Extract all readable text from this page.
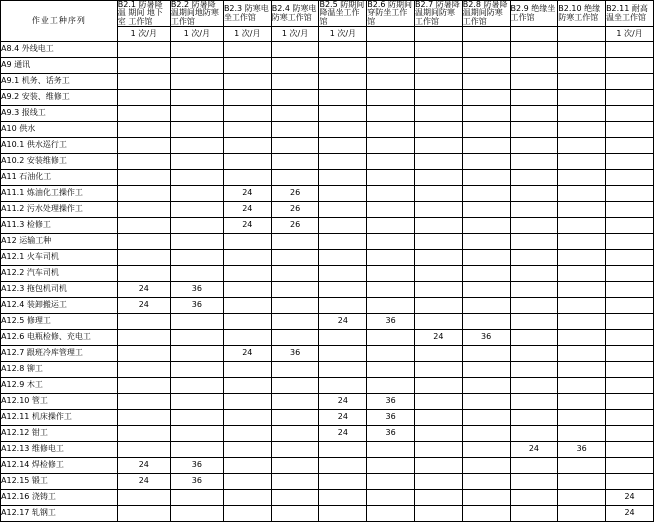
作业工种序列	B2.1 防暑降温 期间 地下室 工作馆	B2.2 防暑降温期间地防寒工作馆	B2.3 防寒电坐工作馆	B2.4 防寒电防寒工作馆	B2.5 防期间降温坐工作馆	B2.6 防期间穿防坐工作馆	B2.7 防暑降温期间防寒工作馆	B2.8 防暑降温期间防寒工作馆	B2.9 绝缘坐工作馆	B2.10 绝缘防寒工作馆	B2.11 耐高温坐工作馆
	1 次/月	1 次/月	1 次/月	1 次/月	1 次/月						1 次/月
A8.4 外线电工											
A9 通讯											
A9.1 机务、话务工											
A9.2 安装、维修工											
A9.3 报线工											
A10 供水											
A10.1 供水巡行工											
A10.2 安装维修工											
A11 石油化工											
A11.1 炼油化工操作工			24	26							
A11.2 污水处理操作工			24	26							
A11.3 检修工			24	26							
A12 运输工种											
A12.1 火车司机											
A12.2 汽车司机											
A12.3 拖包机司机	24	36									
A12.4 装卸搬运工	24	36									
A12.5 修理工					24	36					
A12.6 电瓶检修、充电工							24	36			
A12.7 跟班冷库管理工			24	36							
A12.8 铆工											
A12.9 木工											
A12.10 管工					24	36					
A12.11 机床操作工					24	36					
A12.12 钳工					24	36					
A12.13 维修电工									24	36	
A12.14 焊检修工	24	36									
A12.15 锻工	24	36									
A12.16 浇铸工											24
A12.17 轧钢工											24
